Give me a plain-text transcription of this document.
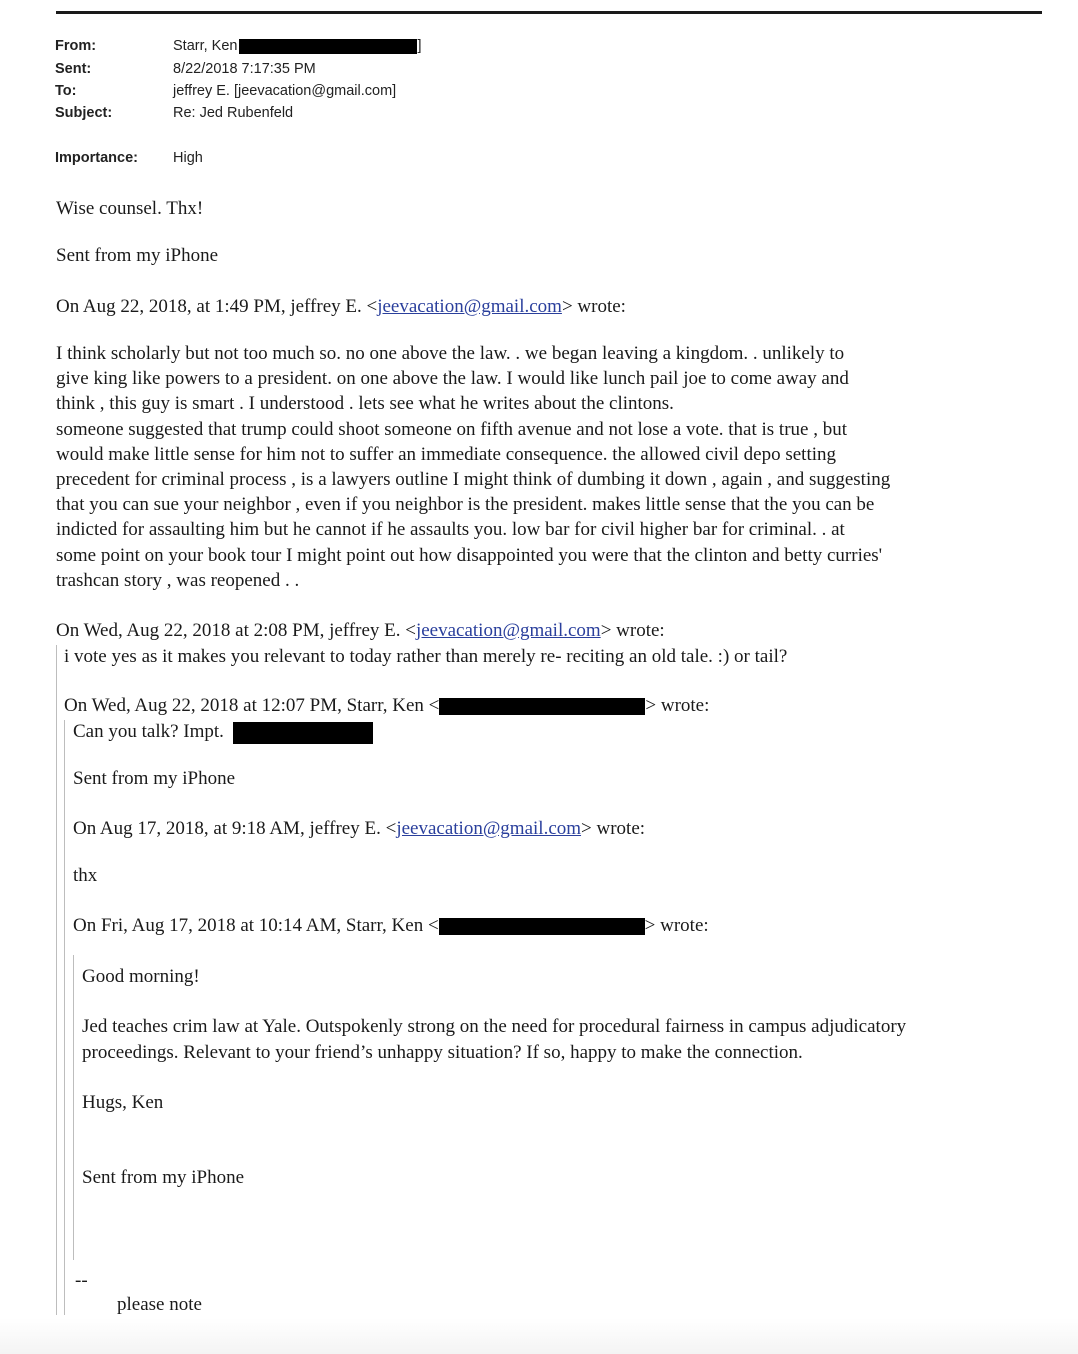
From:	Starr, Ken	]
Sent:	8/22/2018 7:17:35 PM
To:	jeffrey E. [jeevacation@gmail.com]
Subject:	Re: Jed Rubenfeld
Importance: High
Wise counsel. Thx!
Sent from my iPhone
On Aug 22, 2018, at 1:49 PM, jeffrey E. <jeevacation@gmail.com> wrote:
I think scholarly but not too much so. no one above the law. . we began leaving a kingdom. . unlikely to
give king like powers to a president. on one above the law. I would like lunch pail joe to come away and
think , this guy is smart . I understood . lets see what he writes about the clintons.
someone suggested that trump could shoot someone on fifth avenue and not lose a vote. that is true , but
would make little sense for him not to suffer an immediate consequence. the allowed civil depo setting
precedent for criminal process , is a lawyers outline I might think of dumbing it down , again , and suggesting
that you can sue your neighbor , even if you neighbor is the president. makes little sense that the you can be
indicted for assaulting him but he cannot if he assaults you. low bar for civil higher bar for criminal. . at
some point on your book tour I might point out how disappointed you were that the clinton and betty curries'
trashcan story , was reopened . .
On Wed, Aug 22, 2018 at 2:08 PM, jeffrey E. <jeevacation@gmail.com> wrote:
i vote yes as it makes you relevant to today rather than merely re- reciting an old tale. :) or tail?
On Wed, Aug 22, 2018 at 12:07 PM, Starr, Ken <	> wrote:
Can you talk? Impt.
Sent from my iPhone
On Aug 17, 2018, at 9:18 AM, jeffrey E. <jeevacation@gmail.com> wrote:
thx
On Fri, Aug 17, 2018 at 10:14 AM, Starr, Ken <	> wrote:
Good morning!
Jed teaches crim law at Yale. Outspokenly strong on the need for procedural fairness in campus adjudicatory
proceedings. Relevant to your friend’s unhappy situation? If so, happy to make the connection.
Hugs, Ken
Sent from my iPhone
--
please note
